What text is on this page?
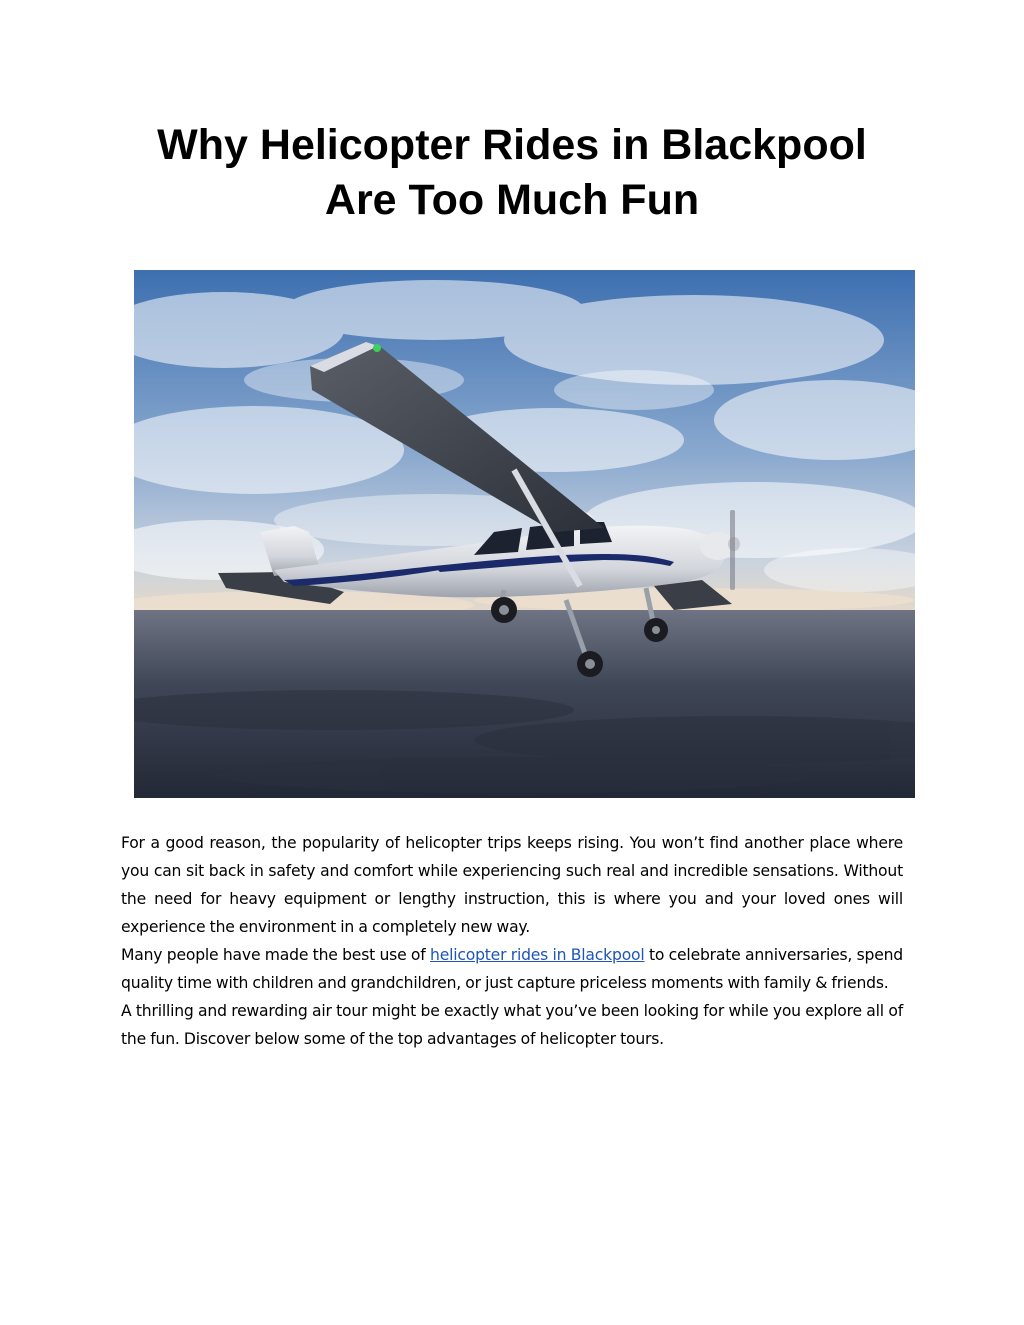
Why Helicopter Rides in Blackpool
Are Too Much Fun

For a good reason, the popularity of helicopter trips keeps rising. You won’t find another place where you can sit back in safety and comfort while experiencing such real and incredible sensations. Without the need for heavy equipment or lengthy instruction, this is where you and your loved ones will experience the environment in a completely new way.

Many people have made the best use of helicopter rides in Blackpool to celebrate anniversaries, spend quality time with children and grandchildren, or just capture priceless moments with family & friends.

A thrilling and rewarding air tour might be exactly what you’ve been looking for while you explore all of the fun. Discover below some of the top advantages of helicopter tours.
